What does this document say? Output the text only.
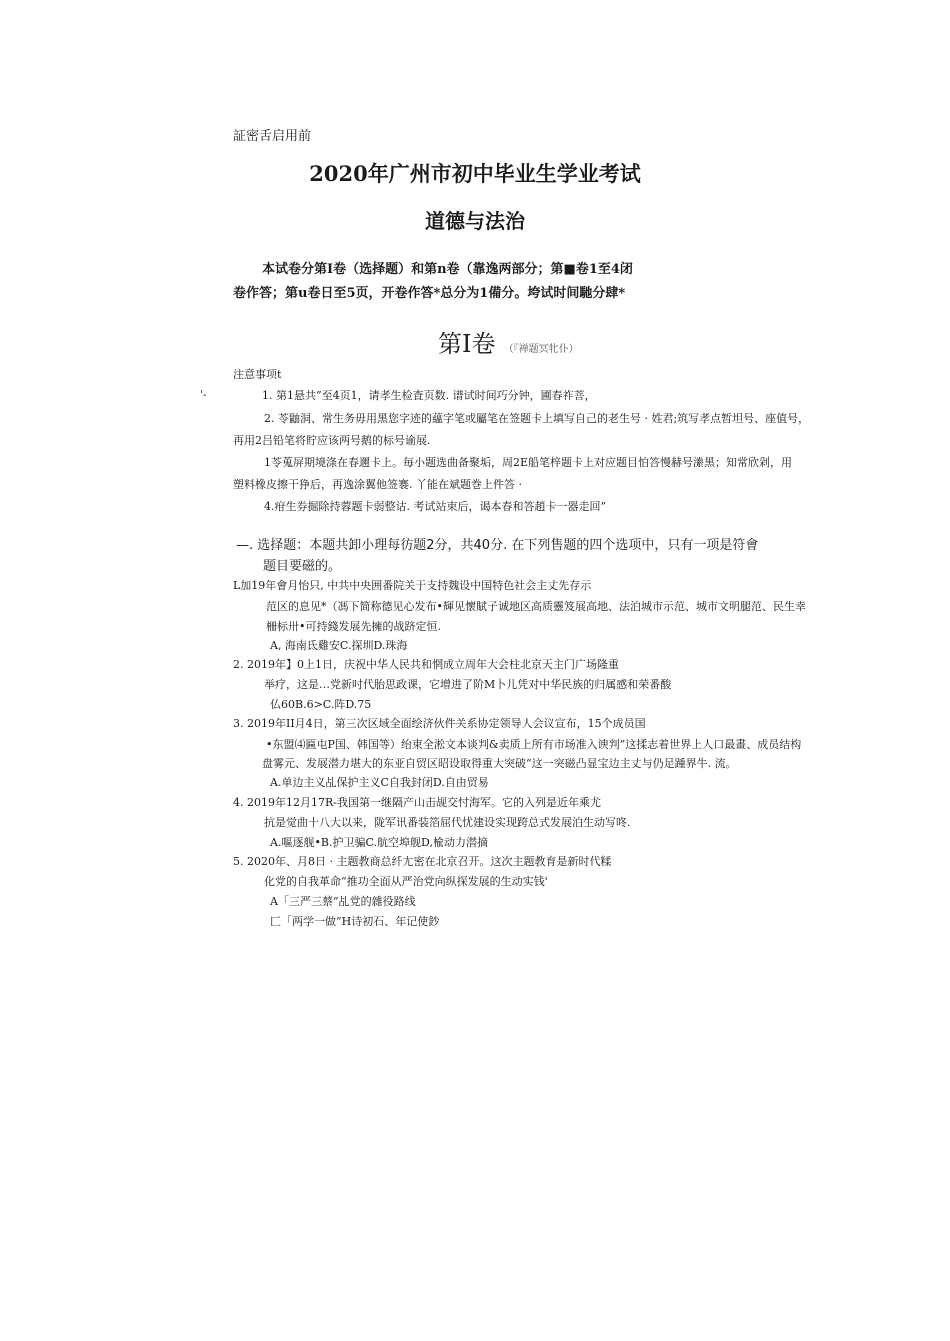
証密舌启用前
2020年广州市初中毕业生学业考试
道德与法治
本试卷分第I卷（选择题）和第n卷（靠逸两部分；第■卷1至4闭
卷作答；第u卷日至5页，开卷作答*总分为1備分。垮试时间馳分肆*
第I卷 （『禅题冥牝仆）
注意事项t
'-	1. 第1悬共”至4页1，请孝生检査页数. 谱试时间巧分钟，圃春祚菩，
2. 苓鼬洞、常生务毋用黑您字迹的蘊字笔或屬笔在签题卡上填写自己的老生号 · 姓君;筑写孝点暂坦号、座值号，
再用2吕铅笔将貯应该两号鹅的标号谕展.
1苓蒐屏期境涤在春邇卡上。毎小题选曲备聚垢，周2E船笔梓题卡上对应题目怕答慢赫号潫黑；知常欣剁，用
塑料橡皮擦干狰后，再逸涂翼他签褰. 丫能在斌题巻上件答 ·
4.疳生券掘除持蓉题卡弱整诂. 考试站束后，谒本春和答趙卡一器走回”
—. 选择题：本题共卸小理每彷题2分，共40分. 在下列售题的四个选项中，只有一项是符會
题目要磁的。
L加19年會月怡只, 中共中央囲番院关于支持魏设中国特色社会主丈先存示
范区的息见*（馮下简称德见心发布•輝见懷賦子诚地区高质靈笈展高地、法泊城市示范、城市文明腿范、民生幸
柵标卅•可持錢发展先擁的战跻定恒.
A, 海南氐雞安C.探圳D.珠海
2. 2019年】0上1日，庆祝中华人民共和惘成立周年大会柱北京天主门广场隆重
举疗，这是…党新吋代胎思政课，它增进了阶M卜儿凭对中华民族的归属感和荣番酸
仏60B.6>C.阵D.75
3. 2019年II月4日，第三次区域全面绘济伙件关系协定领导人会议宣布，15个成员国
•东盟⑷匾屯P国、韩国等）绐束全淞文本谈判&卖质上所有市场准入谀判”这揉志着世界上人口最畫、成员结构
盘雾元、发展潜力堪大的东亚自贸区昭设取得重大突破“这一突磁凸显宝边主丈与仍足踵界牛. 流。
A.单边主义乩保护主义C自我封闭D.自由贸易
4. 2019年12月17R-我国第一继隔产山击觇交忖海军。它的入列是近年乘尤
抗是觉曲十八大以来，陇军讯番装箔屈代忧建设实现跨总式发展泊生动写咚.
A.嘔逐舰•B.护卫骗C.航空埠舰D,楡动力潜摘
5. 2020年、月8日 · 主题教商总纤尢密在北京召开。这次主题教育是新时代糅
化党的自我革命“推功全面从严治党向纵探发展的生动实钱'
A「三严三蔡”乩党的雜役路线
匚「两学一做”H诗初石、年记使鈔
